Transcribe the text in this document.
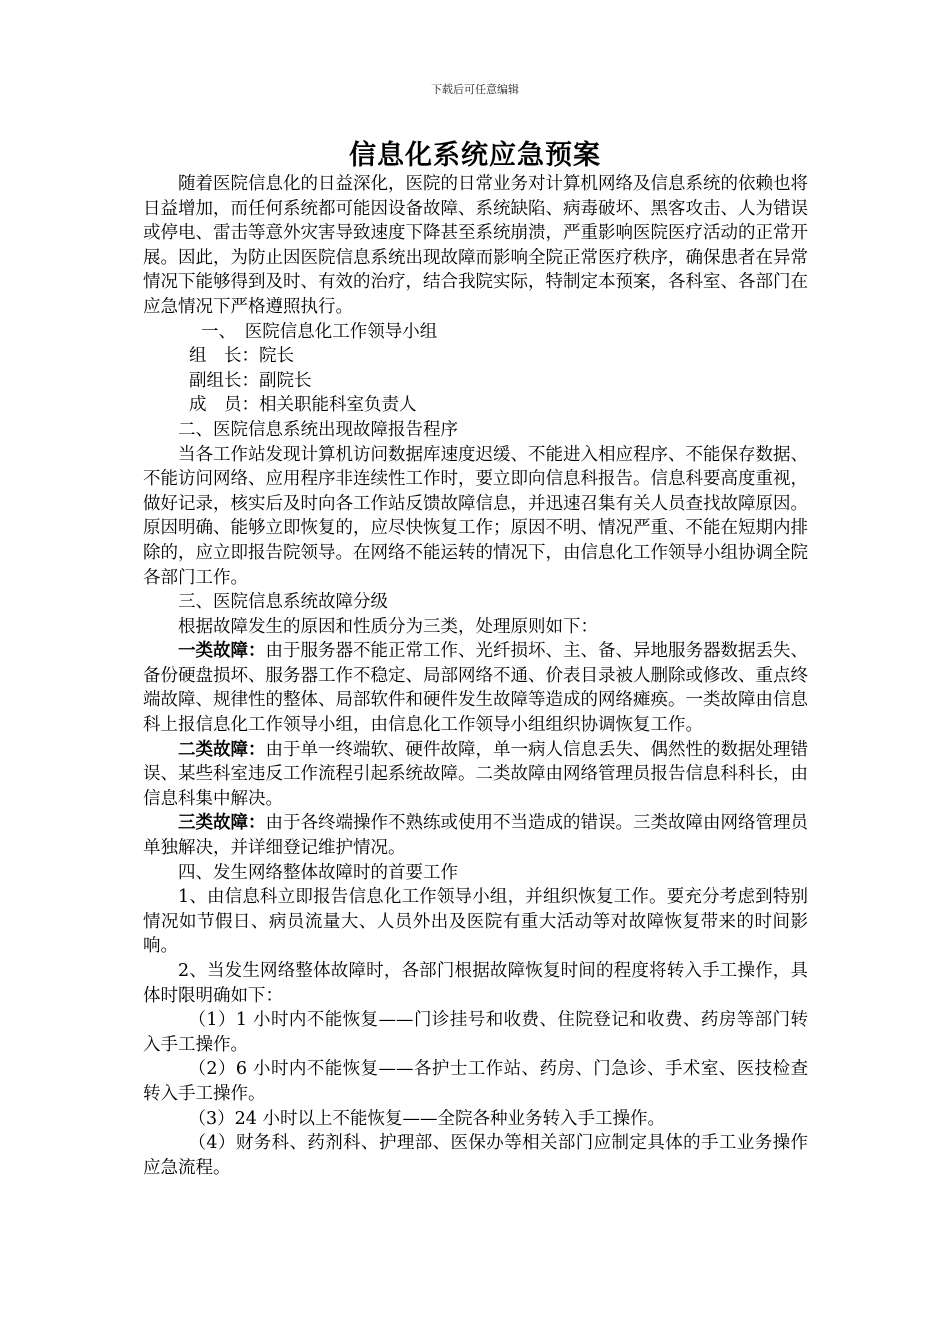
下载后可任意编辑
信息化系统应急预案

随着医院信息化的日益深化，医院的日常业务对计算机网络及信息系统的依赖也将日益增加，而任何系统都可能因设备故障、系统缺陷、病毒破坏、黑客攻击、人为错误或停电、雷击等意外灾害导致速度下降甚至系统崩溃，严重影响医院医疗活动的正常开展。因此，为防止因医院信息系统出现故障而影响全院正常医疗秩序，确保患者在异常情况下能够得到及时、有效的治疗，结合我院实际，特制定本预案，各科室、各部门在应急情况下严格遵照执行。

一、　医院信息化工作领导小组

组　长：院长

副组长：副院长

成　员：相关职能科室负责人

二、医院信息系统出现故障报告程序

当各工作站发现计算机访问数据库速度迟缓、不能进入相应程序、不能保存数据、不能访问网络、应用程序非连续性工作时，要立即向信息科报告。信息科要高度重视，做好记录，核实后及时向各工作站反馈故障信息，并迅速召集有关人员查找故障原因。原因明确、能够立即恢复的，应尽快恢复工作；原因不明、情况严重、不能在短期内排除的，应立即报告院领导。在网络不能运转的情况下，由信息化工作领导小组协调全院各部门工作。

三、医院信息系统故障分级

根据故障发生的原因和性质分为三类，处理原则如下：

一类故障：由于服务器不能正常工作、光纤损坏、主、备、异地服务器数据丢失、备份硬盘损坏、服务器工作不稳定、局部网络不通、价表目录被人删除或修改、重点终端故障、规律性的整体、局部软件和硬件发生故障等造成的网络瘫痪。一类故障由信息科上报信息化工作领导小组，由信息化工作领导小组组织协调恢复工作。

二类故障：由于单一终端软、硬件故障，单一病人信息丢失、偶然性的数据处理错误、某些科室违反工作流程引起系统故障。二类故障由网络管理员报告信息科科长，由信息科集中解决。

三类故障：由于各终端操作不熟练或使用不当造成的错误。三类故障由网络管理员单独解决，并详细登记维护情况。

四、发生网络整体故障时的首要工作

1、由信息科立即报告信息化工作领导小组，并组织恢复工作。要充分考虑到特别情况如节假日、病员流量大、人员外出及医院有重大活动等对故障恢复带来的时间影响。

2、当发生网络整体故障时，各部门根据故障恢复时间的程度将转入手工操作，具体时限明确如下：

（1）1 小时内不能恢复——门诊挂号和收费、住院登记和收费、药房等部门转入手工操作。

（2）6 小时内不能恢复——各护士工作站、药房、门急诊、手术室、医技检查转入手工操作。

（3）24 小时以上不能恢复——全院各种业务转入手工操作。

（4）财务科、药剂科、护理部、医保办等相关部门应制定具体的手工业务操作应急流程。
